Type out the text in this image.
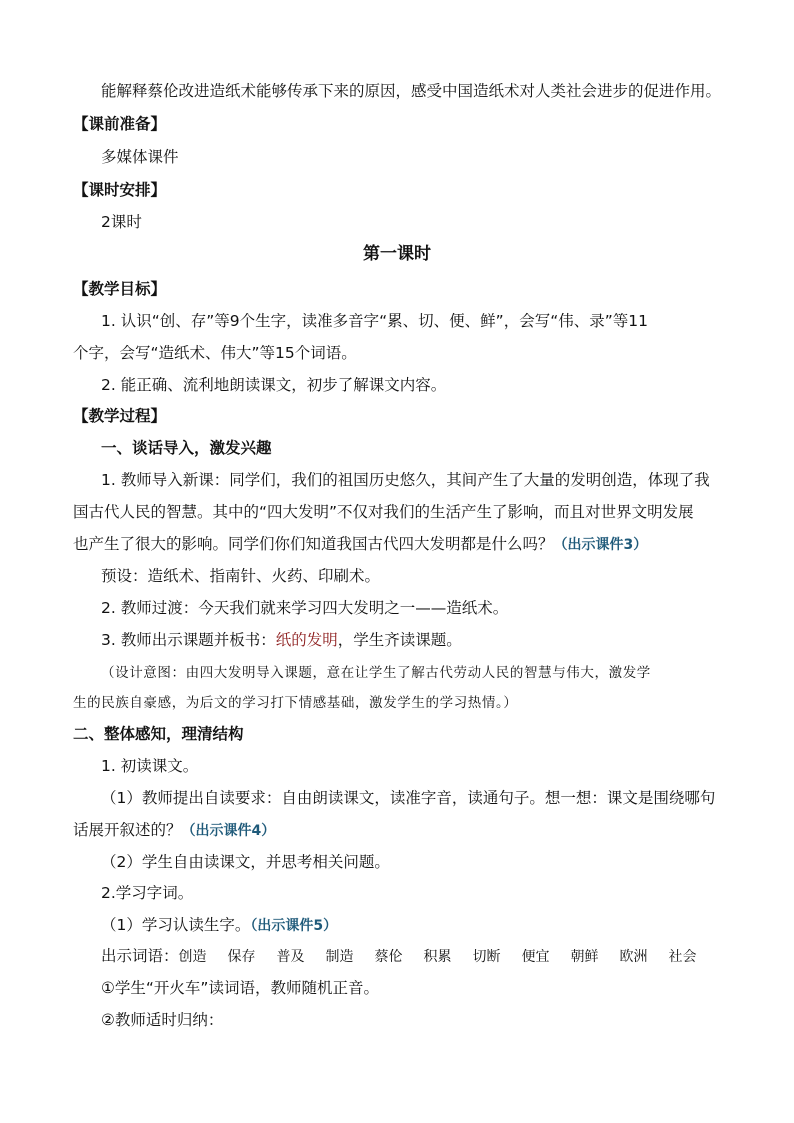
能解释蔡伦改进造纸术能够传承下来的原因，感受中国造纸术对人类社会进步的促进作用。
【课前准备】
多媒体课件
【课时安排】
2课时
第一课时
【教学目标】
1. 认识“创、存”等9个生字，读准多音字“累、切、便、鲜”，会写“伟、录”等11
个字，会写“造纸术、伟大”等15个词语。
2. 能正确、流利地朗读课文，初步了解课文内容。
【教学过程】
一、谈话导入，激发兴趣
1. 教师导入新课：同学们，我们的祖国历史悠久，其间产生了大量的发明创造，体现了我
国古代人民的智慧。其中的“四大发明”不仅对我们的生活产生了影响，而且对世界文明发展
也产生了很大的影响。同学们你们知道我国古代四大发明都是什么吗？（出示课件3）
预设：造纸术、指南针、火药、印刷术。
2. 教师过渡：今天我们就来学习四大发明之一——造纸术。
3. 教师出示课题并板书：纸的发明，学生齐读课题。
（设计意图：由四大发明导入课题，意在让学生了解古代劳动人民的智慧与伟大，激发学
生的民族自豪感，为后文的学习打下情感基础，激发学生的学习热情。）
二、整体感知，理清结构
1. 初读课文。
（1）教师提出自读要求：自由朗读课文，读准字音，读通句子。想一想：课文是围绕哪句
话展开叙述的？（出示课件4）
（2）学生自由读课文，并思考相关问题。
2.学习字词。
（1）学习认读生字。（出示课件5）
出示词语：创造 保存 普及 制造 蔡伦 积累 切断 便宜 朝鲜 欧洲 社会
①学生“开火车”读词语，教师随机正音。
②教师适时归纳：
